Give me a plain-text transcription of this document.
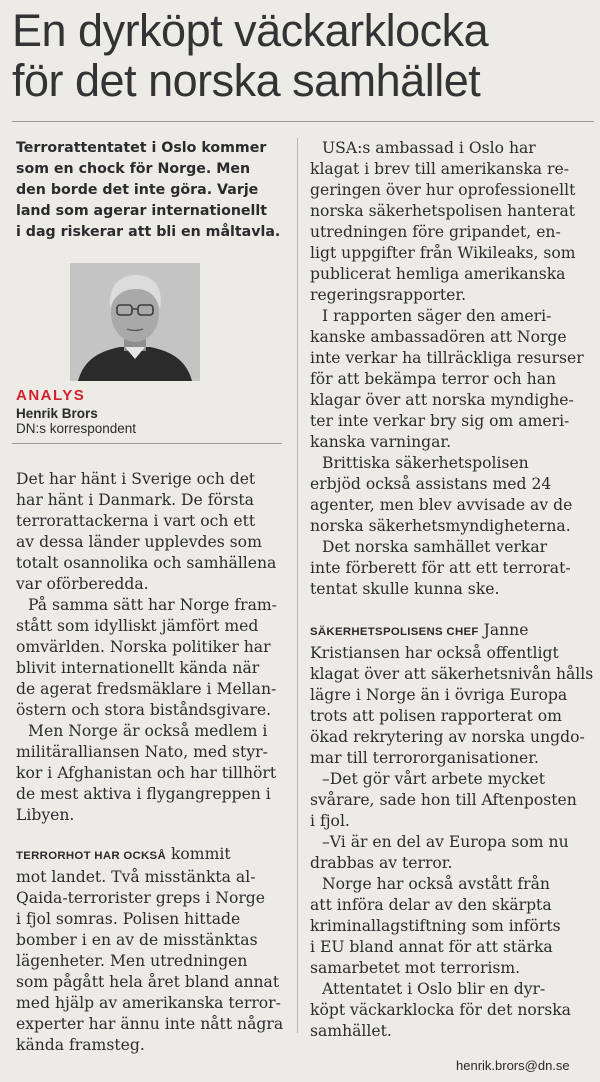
En dyrköpt väckarklocka
för det norska samhället
Terrorattentatet i Oslo kommer
som en chock för Norge. Men
den borde det inte göra. Varje
land som agerar internationellt
i dag riskerar att bli en måltavla.
ANALYS
Henrik Brors
DN:s korrespondent
Det har hänt i Sverige och det
har hänt i Danmark. De första
terrorattackerna i vart och ett
av dessa länder upplevdes som
totalt osannolika och samhällena
var oförberedda.
På samma sätt har Norge fram-
stått som idylliskt jämfört med
omvärlden. Norska politiker har
blivit internationellt kända när
de agerat fredsmäklare i Mellan-
östern och stora biståndsgivare.
Men Norge är också medlem i
militäralliansen Nato, med styr-
kor i Afghanistan och har tillhört
de mest aktiva i flygangreppen i
Libyen.
TERRORHOT HAR OCKSÅ kommit
mot landet. Två misstänkta al-
Qaida-terrorister greps i Norge
i fjol somras. Polisen hittade
bomber i en av de misstänktas
lägenheter. Men utredningen
som pågått hela året bland annat
med hjälp av amerikanska terror-
experter har ännu inte nått några
kända framsteg.
USA:s ambassad i Oslo har
klagat i brev till amerikanska re-
geringen över hur oprofessionellt
norska säkerhetspolisen hanterat
utredningen före gripandet, en-
ligt uppgifter från Wikileaks, som
publicerat hemliga amerikanska
regeringsrapporter.
I rapporten säger den ameri-
kanske ambassadören att Norge
inte verkar ha tillräckliga resurser
för att bekämpa terror och han
klagar över att norska myndighe-
ter inte verkar bry sig om ameri-
kanska varningar.
Brittiska säkerhetspolisen
erbjöd också assistans med 24
agenter, men blev avvisade av de
norska säkerhetsmyndigheterna.
Det norska samhället verkar
inte förberett för att ett terrorat-
tentat skulle kunna ske.
SÄKERHETSPOLISENS CHEF Janne
Kristiansen har också offentligt
klagat över att säkerhetsnivån hålls
lägre i Norge än i övriga Europa
trots att polisen rapporterat om
ökad rekrytering av norska ungdo-
mar till terrororganisationer.
–Det gör vårt arbete mycket
svårare, sade hon till Aftenposten
i fjol.
–Vi är en del av Europa som nu
drabbas av terror.
Norge har också avstått från
att införa delar av den skärpta
kriminallagstiftning som införts
i EU bland annat för att stärka
samarbetet mot terrorism.
Attentatet i Oslo blir en dyr-
köpt väckarklocka för det norska
samhället.
henrik.brors@dn.se
